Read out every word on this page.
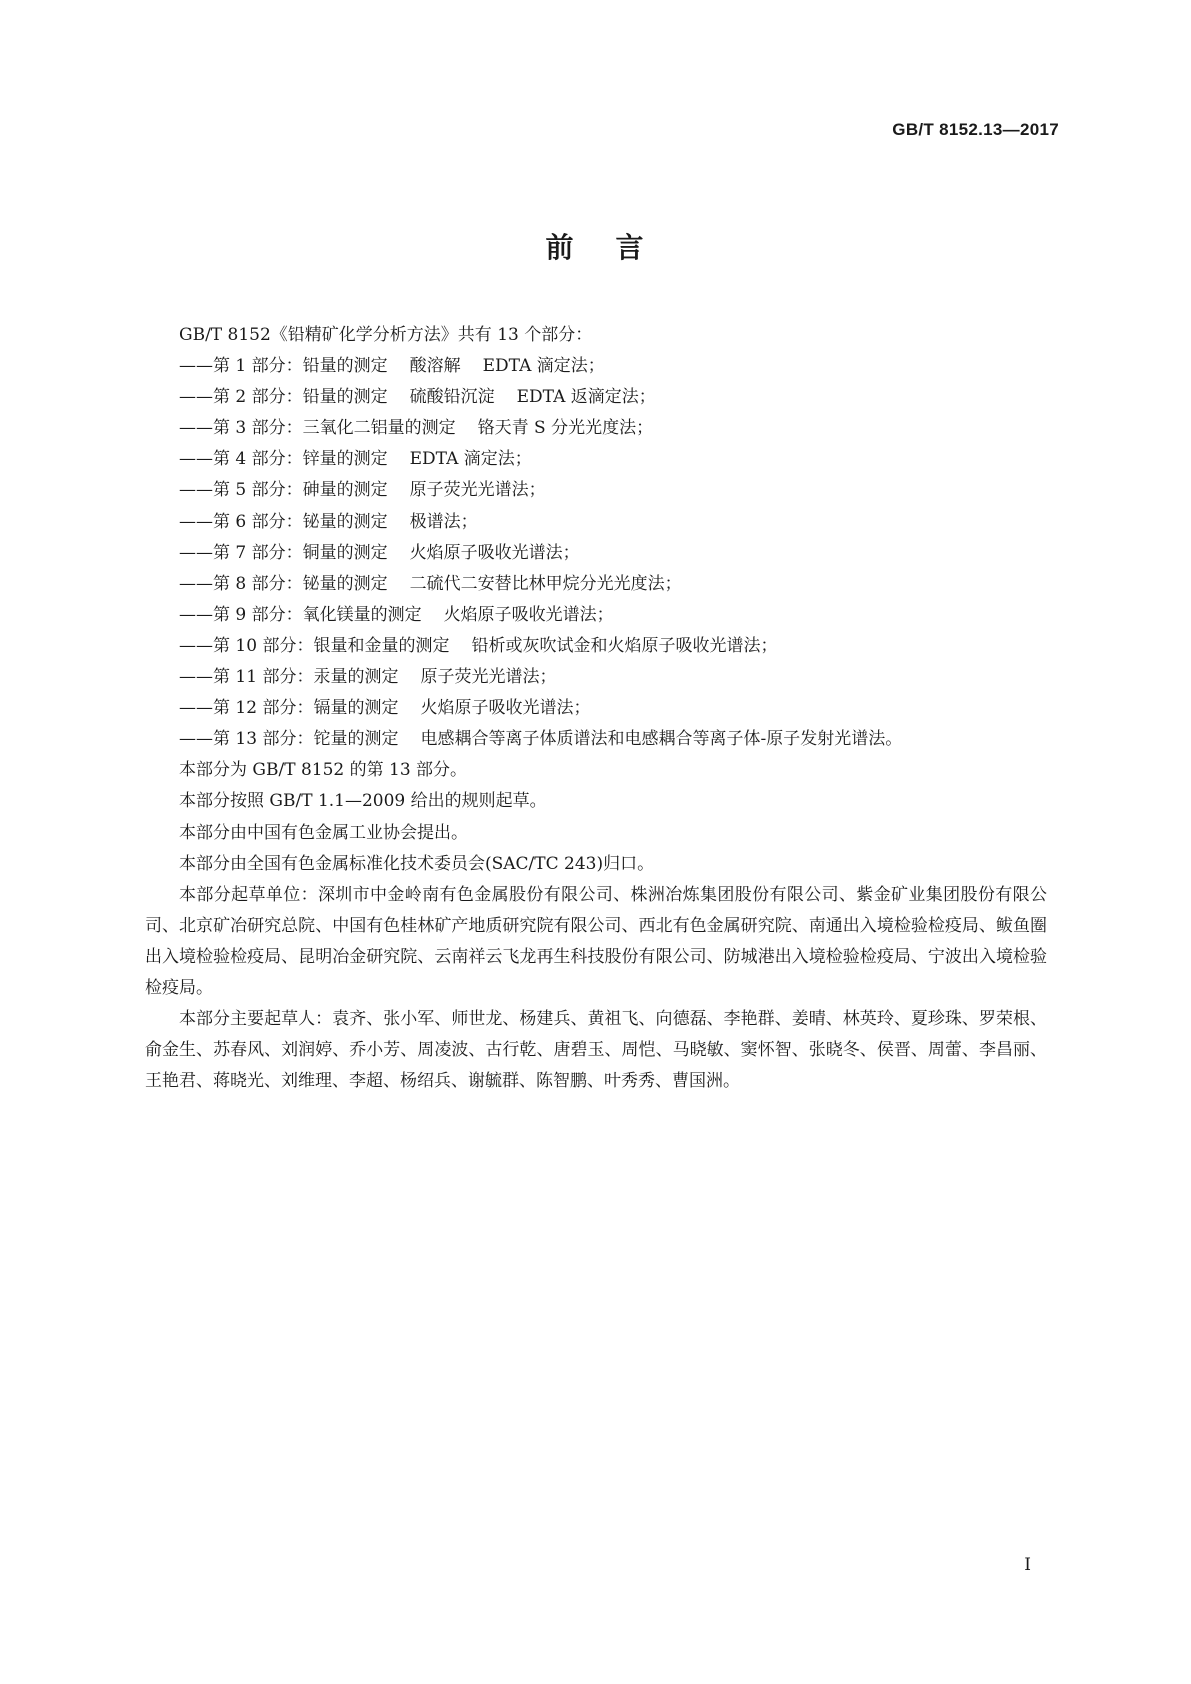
GB/T 8152.13—2017
前 言
GB/T 8152《铅精矿化学分析方法》共有 13 个部分：
——第 1 部分：铅量的测定 酸溶解 EDTA 滴定法；
——第 2 部分：铅量的测定 硫酸铅沉淀 EDTA 返滴定法；
——第 3 部分：三氧化二铝量的测定 铬天青 S 分光光度法；
——第 4 部分：锌量的测定 EDTA 滴定法；
——第 5 部分：砷量的测定 原子荧光光谱法；
——第 6 部分：铋量的测定 极谱法；
——第 7 部分：铜量的测定 火焰原子吸收光谱法；
——第 8 部分：铋量的测定 二硫代二安替比林甲烷分光光度法；
——第 9 部分：氧化镁量的测定 火焰原子吸收光谱法；
——第 10 部分：银量和金量的测定 铅析或灰吹试金和火焰原子吸收光谱法；
——第 11 部分：汞量的测定 原子荧光光谱法；
——第 12 部分：镉量的测定 火焰原子吸收光谱法；
——第 13 部分：铊量的测定 电感耦合等离子体质谱法和电感耦合等离子体-原子发射光谱法。
本部分为 GB/T 8152 的第 13 部分。
本部分按照 GB/T 1.1—2009 给出的规则起草。
本部分由中国有色金属工业协会提出。
本部分由全国有色金属标准化技术委员会(SAC/TC 243)归口。
本部分起草单位：深圳市中金岭南有色金属股份有限公司、株洲冶炼集团股份有限公司、紫金矿业集团股份有限公司、北京矿冶研究总院、中国有色桂林矿产地质研究院有限公司、西北有色金属研究院、南通出入境检验检疫局、鲅鱼圈出入境检验检疫局、昆明冶金研究院、云南祥云飞龙再生科技股份有限公司、防城港出入境检验检疫局、宁波出入境检验检疫局。
本部分主要起草人：袁齐、张小军、师世龙、杨建兵、黄祖飞、向德磊、李艳群、姜晴、林英玲、夏珍珠、罗荣根、俞金生、苏春风、刘润婷、乔小芳、周凌波、古行乾、唐碧玉、周恺、马晓敏、窦怀智、张晓冬、侯晋、周蕾、李昌丽、王艳君、蒋晓光、刘维理、李超、杨绍兵、谢毓群、陈智鹏、叶秀秀、曹国洲。
I
